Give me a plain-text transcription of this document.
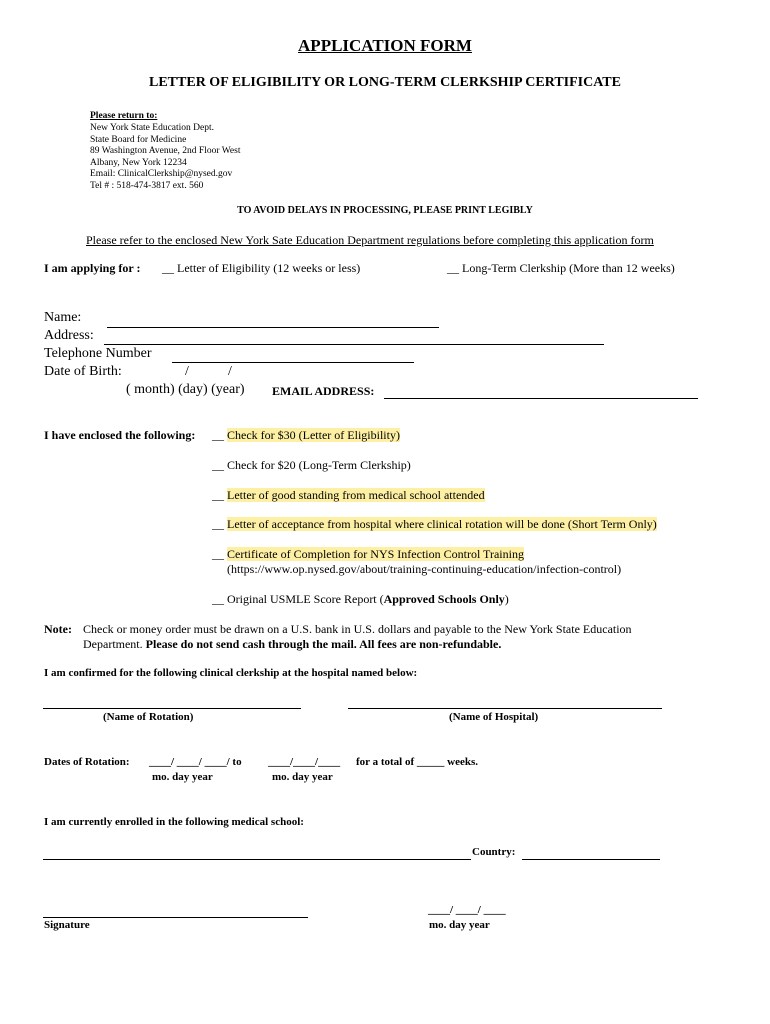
APPLICATION FORM
LETTER OF ELIGIBILITY OR LONG-TERM CLERKSHIP CERTIFICATE
Please return to:
New York State Education Dept.
State Board for Medicine
89 Washington Avenue, 2nd Floor West
Albany, New York 12234
Email: ClinicalClerkship@nysed.gov
Tel # : 518-474-3817 ext. 560
TO AVOID DELAYS IN PROCESSING, PLEASE PRINT LEGIBLY
Please refer to the enclosed New York Sate Education Department regulations before completing this application form
I am applying for : __ Letter of Eligibility (12 weeks or less)	__ Long-Term Clerkship (More than 12 weeks)
Name:
Address:
Telephone Number
Date of Birth:	/	/
( month) (day) (year) EMAIL ADDRESS:
I have enclosed the following: __ Check for $30 (Letter of Eligibility)
__ Check for $20 (Long-Term Clerkship)
__ Letter of good standing from medical school attended
__ Letter of acceptance from hospital where clinical rotation will be done (Short Term Only)
__ Certificate of Completion for NYS Infection Control Training
(https://www.op.nysed.gov/about/training-continuing-education/infection-control)
__ Original USMLE Score Report (Approved Schools Only)
Note: Check or money order must be drawn on a U.S. bank in U.S. dollars and payable to the New York State Education
Department. Please do not send cash through the mail. All fees are non-refundable.
I am confirmed for the following clinical clerkship at the hospital named below:
(Name of Rotation)	(Name of Hospital)
Dates of Rotation: ____/ ____/ ____/ to ____/____/____ for a total of _____ weeks.
mo. day year	mo. day year
I am currently enrolled in the following medical school:
Country:
Signature
____/ ____/ ____
mo. day year
